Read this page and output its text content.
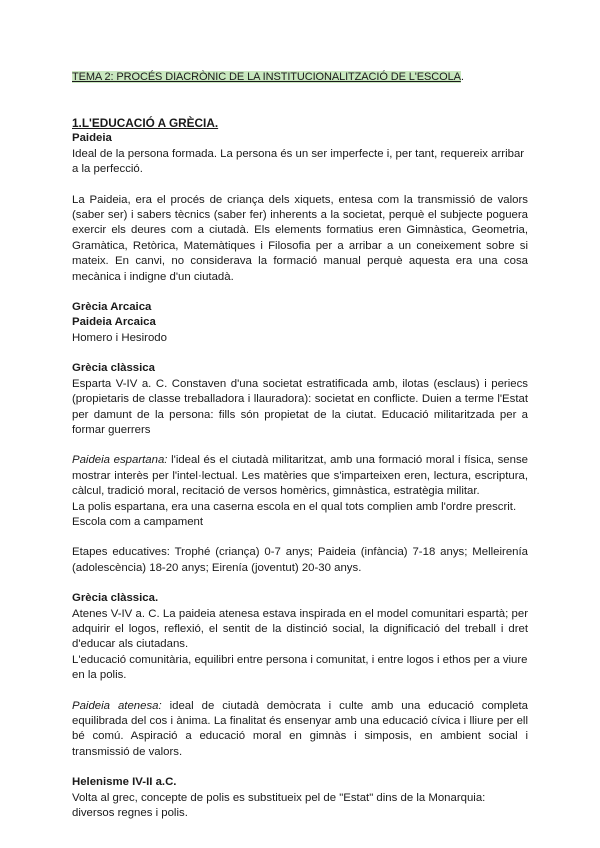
TEMA 2: PROCÉS DIACRÒNIC DE LA INSTITUCIONALITZACIÓ DE L'ESCOLA.
1.L'EDUCACIÓ A GRÈCIA.

Paideia

Ideal de la persona formada. La persona és un ser imperfecte i, per tant, requereix arribar a la perfecció.

La Paideia, era el procés de criança dels xiquets, entesa com la transmissió de valors (saber ser) i sabers tècnics (saber fer) inherents a la societat, perquè el subjecte poguera exercir els deures com a ciutadà. Els elements formatius eren Gimnàstica, Geometria, Gramàtica, Retòrica, Matemàtiques i Filosofia per a arribar a un coneixement sobre si mateix. En canvi, no considerava la formació manual perquè aquesta era una cosa mecànica i indigne d'un ciutadà.

Grècia Arcaica

Paideia Arcaica

Homero i Hesirodo

Grècia clàssica

Esparta V-IV a. C. Constaven d'una societat estratificada amb, ilotas (esclaus) i periecs (propietaris de classe treballadora i llauradora): societat en conflicte. Duien a terme l'Estat per damunt de la persona: fills són propietat de la ciutat. Educació militaritzada per a formar guerrers

Paideia espartana: l'ideal és el ciutadà militaritzat, amb una formació moral i física, sense mostrar interès per l'intel·lectual. Les matèries que s'imparteixen eren, lectura, escriptura, càlcul, tradició moral, recitació de versos homèrics, gimnàstica, estratègia militar.

La polis espartana, era una caserna escola en el qual tots complien amb l'ordre prescrit. Escola com a campament

Etapes educatives: Trophé (criança) 0-7 anys; Paideia (infància) 7-18 anys; Melleirenía (adolescència) 18-20 anys; Eirenía (joventut) 20-30 anys.

Grècia clàssica.

Atenes V-IV a. C. La paideia atenesa estava inspirada en el model comunitari espartà; per adquirir el logos, reflexió, el sentit de la distinció social, la dignificació del treball i dret d'educar als ciutadans.

L'educació comunitària, equilibri entre persona i comunitat, i entre logos i ethos per a viure en la polis.

Paideia atenesa: ideal de ciutadà demòcrata i culte amb una educació completa equilibrada del cos i ànima. La finalitat és ensenyar amb una educació cívica i lliure per ell bé comú. Aspiració a educació moral en gimnàs i simposis, en ambient social i transmissió de valors.

Helenisme IV-II a.C.

Volta al grec, concepte de polis es substitueix pel de "Estat" dins de la Monarquia: diversos regnes i polis.
